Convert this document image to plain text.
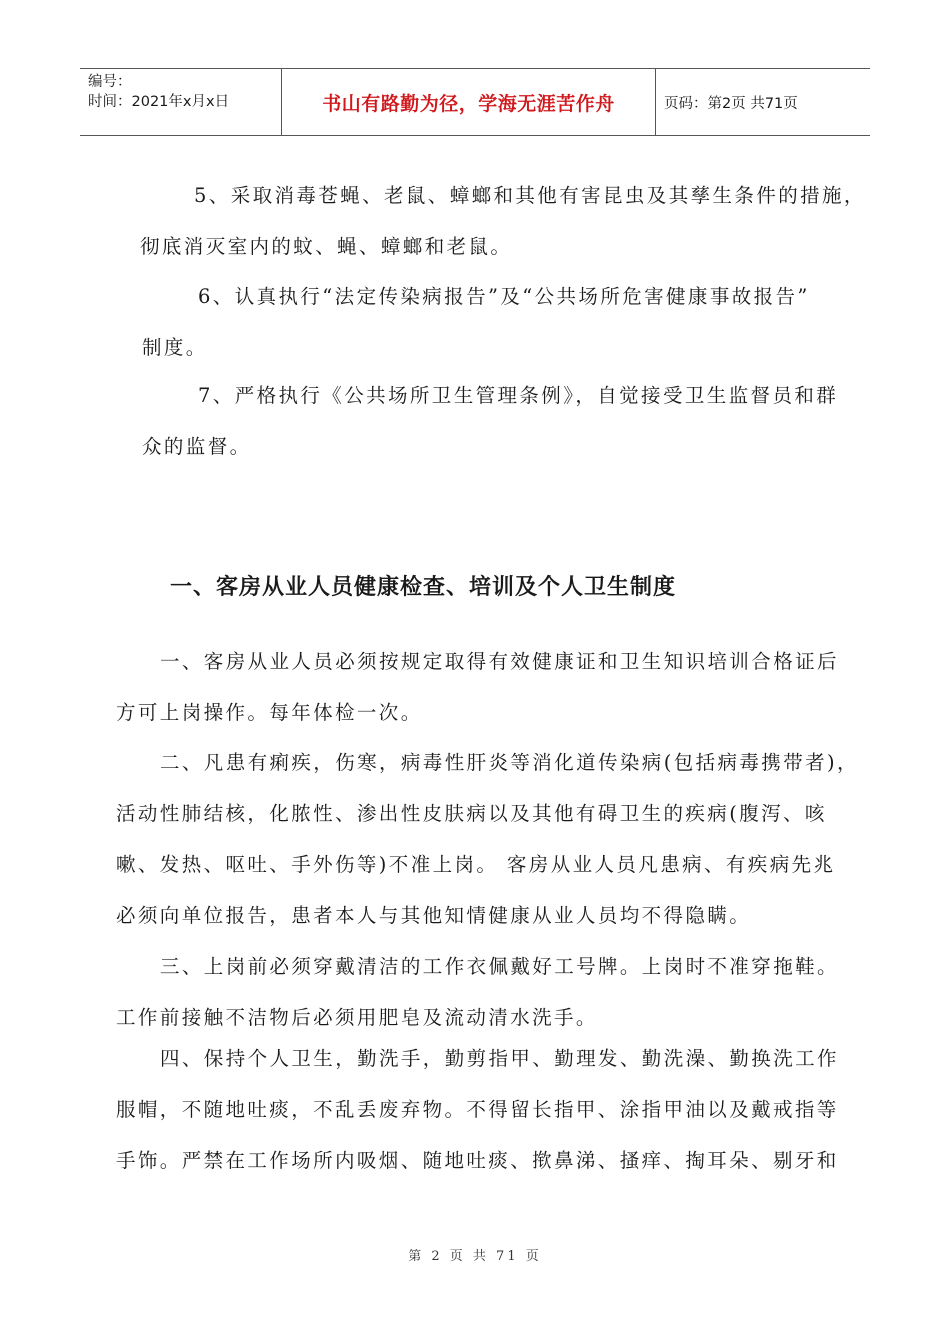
编号：
时间：2021年x月x日	书山有路勤为径，学海无涯苦作舟	页码：第2页 共71页

5、采取消毒苍蝇、老鼠、蟑螂和其他有害昆虫及其孳生条件的措施，
彻底消灭室内的蚊、蝇、蟑螂和老鼠。

6、认真执行“法定传染病报告”及“公共场所危害健康事故报告”
制度。

7、严格执行《公共场所卫生管理条例》，自觉接受卫生监督员和群
众的监督。

一、客房从业人员健康检查、培训及个人卫生制度

一、客房从业人员必须按规定取得有效健康证和卫生知识培训合格证后
方可上岗操作。每年体检一次。

二、凡患有痢疾，伤寒，病毒性肝炎等消化道传染病(包括病毒携带者)，
活动性肺结核，化脓性、渗出性皮肤病以及其他有碍卫生的疾病(腹泻、咳
嗽、发热、呕吐、手外伤等)不准上岗。 客房从业人员凡患病、有疾病先兆
必须向单位报告，患者本人与其他知情健康从业人员均不得隐瞒。

三、上岗前必须穿戴清洁的工作衣佩戴好工号牌。上岗时不准穿拖鞋。
工作前接触不洁物后必须用肥皂及流动清水洗手。

四、保持个人卫生，勤洗手，勤剪指甲、勤理发、勤洗澡、勤换洗工作
服帽，不随地吐痰，不乱丢废弃物。不得留长指甲、涂指甲油以及戴戒指等
手饰。严禁在工作场所内吸烟、随地吐痰、揿鼻涕、搔痒、掏耳朵、剔牙和

第 2 页 共 71 页
